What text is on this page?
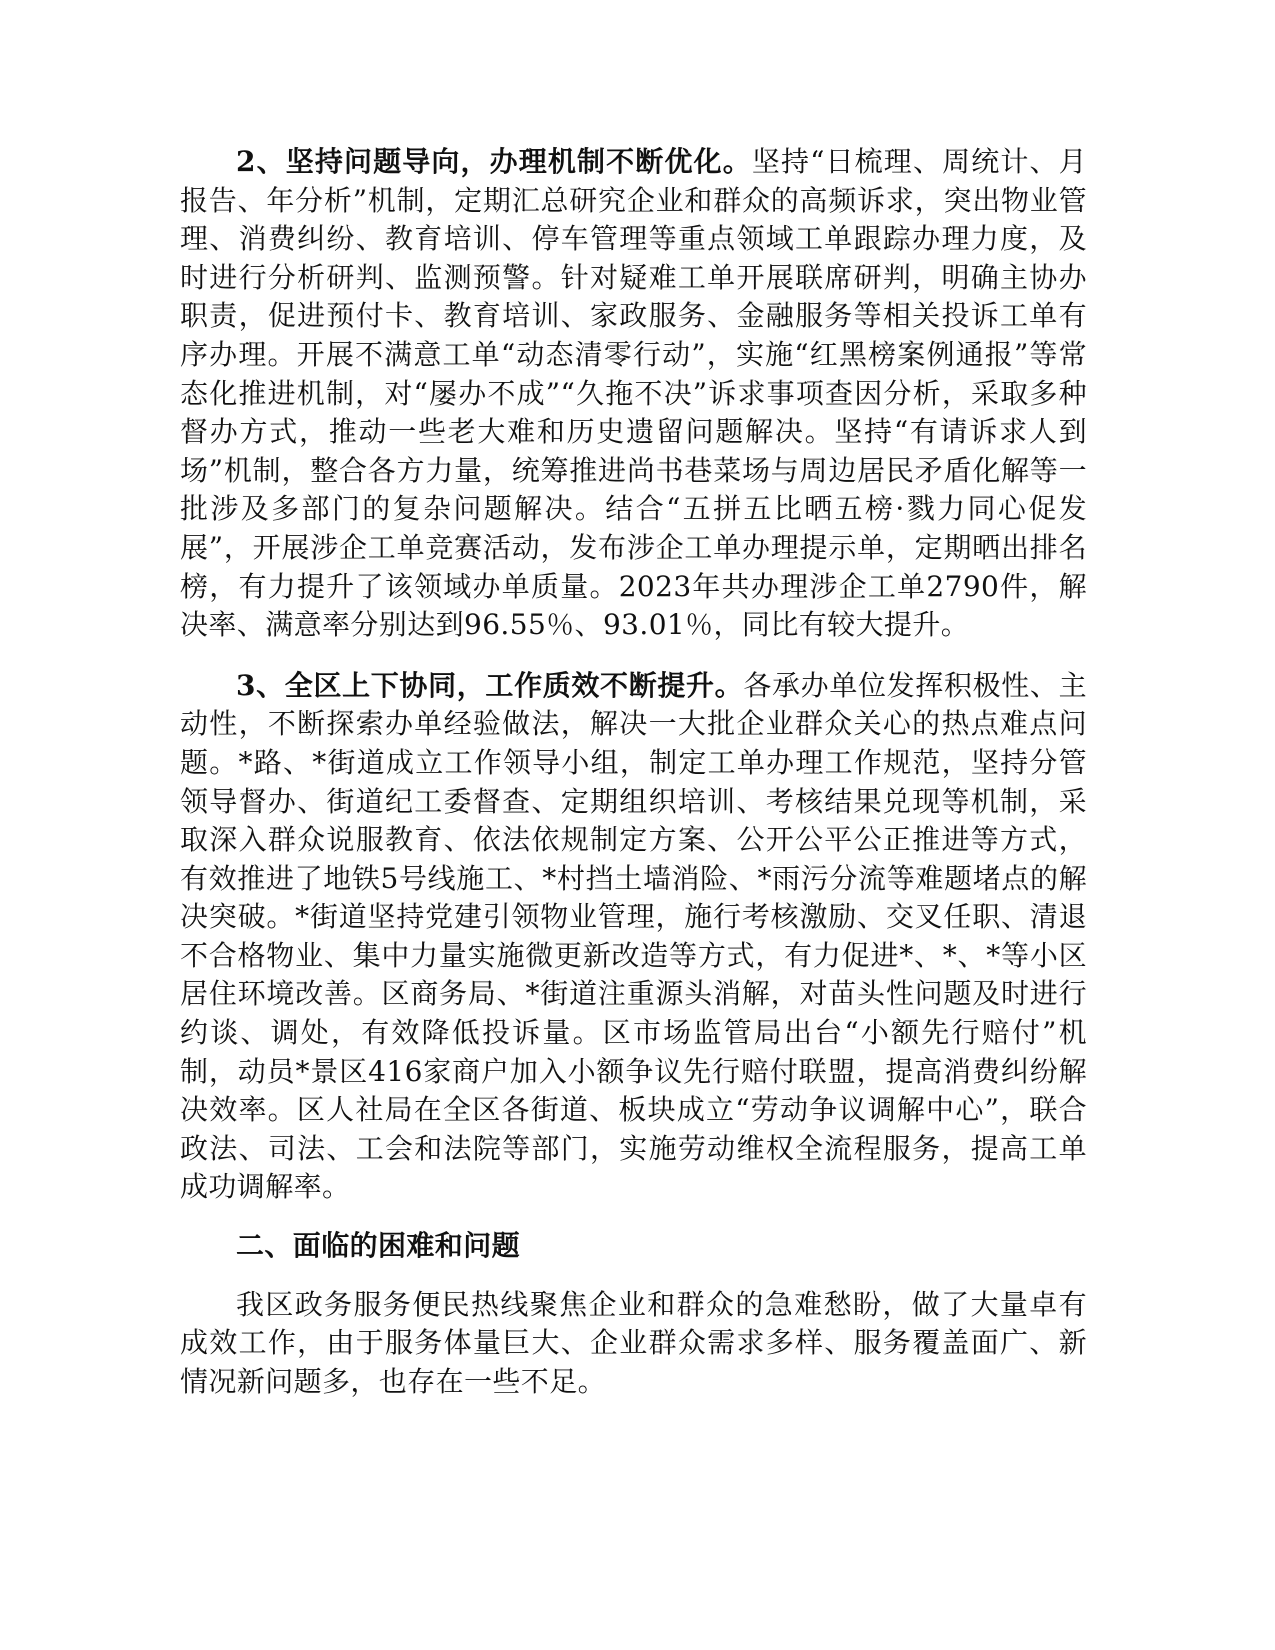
2、坚持问题导向，办理机制不断优化。坚持“日梳理、周统计、月报告、年分析”机制，定期汇总研究企业和群众的高频诉求，突出物业管理、消费纠纷、教育培训、停车管理等重点领域工单跟踪办理力度，及时进行分析研判、监测预警。针对疑难工单开展联席研判，明确主协办职责，促进预付卡、教育培训、家政服务、金融服务等相关投诉工单有序办理。开展不满意工单“动态清零行动”，实施“红黑榜案例通报”等常态化推进机制，对“屡办不成”“久拖不决”诉求事项查因分析，采取多种督办方式，推动一些老大难和历史遗留问题解决。坚持“有请诉求人到场”机制，整合各方力量，统筹推进尚书巷菜场与周边居民矛盾化解等一批涉及多部门的复杂问题解决。结合“五拼五比晒五榜·戮力同心促发展”，开展涉企工单竞赛活动，发布涉企工单办理提示单，定期晒出排名榜，有力提升了该领域办单质量。2023年共办理涉企工单2790件，解决率、满意率分别达到96.55％、93.01％，同比有较大提升。

3、全区上下协同，工作质效不断提升。各承办单位发挥积极性、主动性，不断探索办单经验做法，解决一大批企业群众关心的热点难点问题。*路、*街道成立工作领导小组，制定工单办理工作规范，坚持分管领导督办、街道纪工委督查、定期组织培训、考核结果兑现等机制，采取深入群众说服教育、依法依规制定方案、公开公平公正推进等方式，有效推进了地铁5号线施工、*村挡土墙消险、*雨污分流等难题堵点的解决突破。*街道坚持党建引领物业管理，施行考核激励、交叉任职、清退不合格物业、集中力量实施微更新改造等方式，有力促进*、*、*等小区居住环境改善。区商务局、*街道注重源头消解，对苗头性问题及时进行约谈、调处，有效降低投诉量。区市场监管局出台“小额先行赔付”机制，动员*景区416家商户加入小额争议先行赔付联盟，提高消费纠纷解决效率。区人社局在全区各街道、板块成立“劳动争议调解中心”，联合政法、司法、工会和法院等部门，实施劳动维权全流程服务，提高工单成功调解率。

二、面临的困难和问题

我区政务服务便民热线聚焦企业和群众的急难愁盼，做了大量卓有成效工作，由于服务体量巨大、企业群众需求多样、服务覆盖面广、新情况新问题多，也存在一些不足。
